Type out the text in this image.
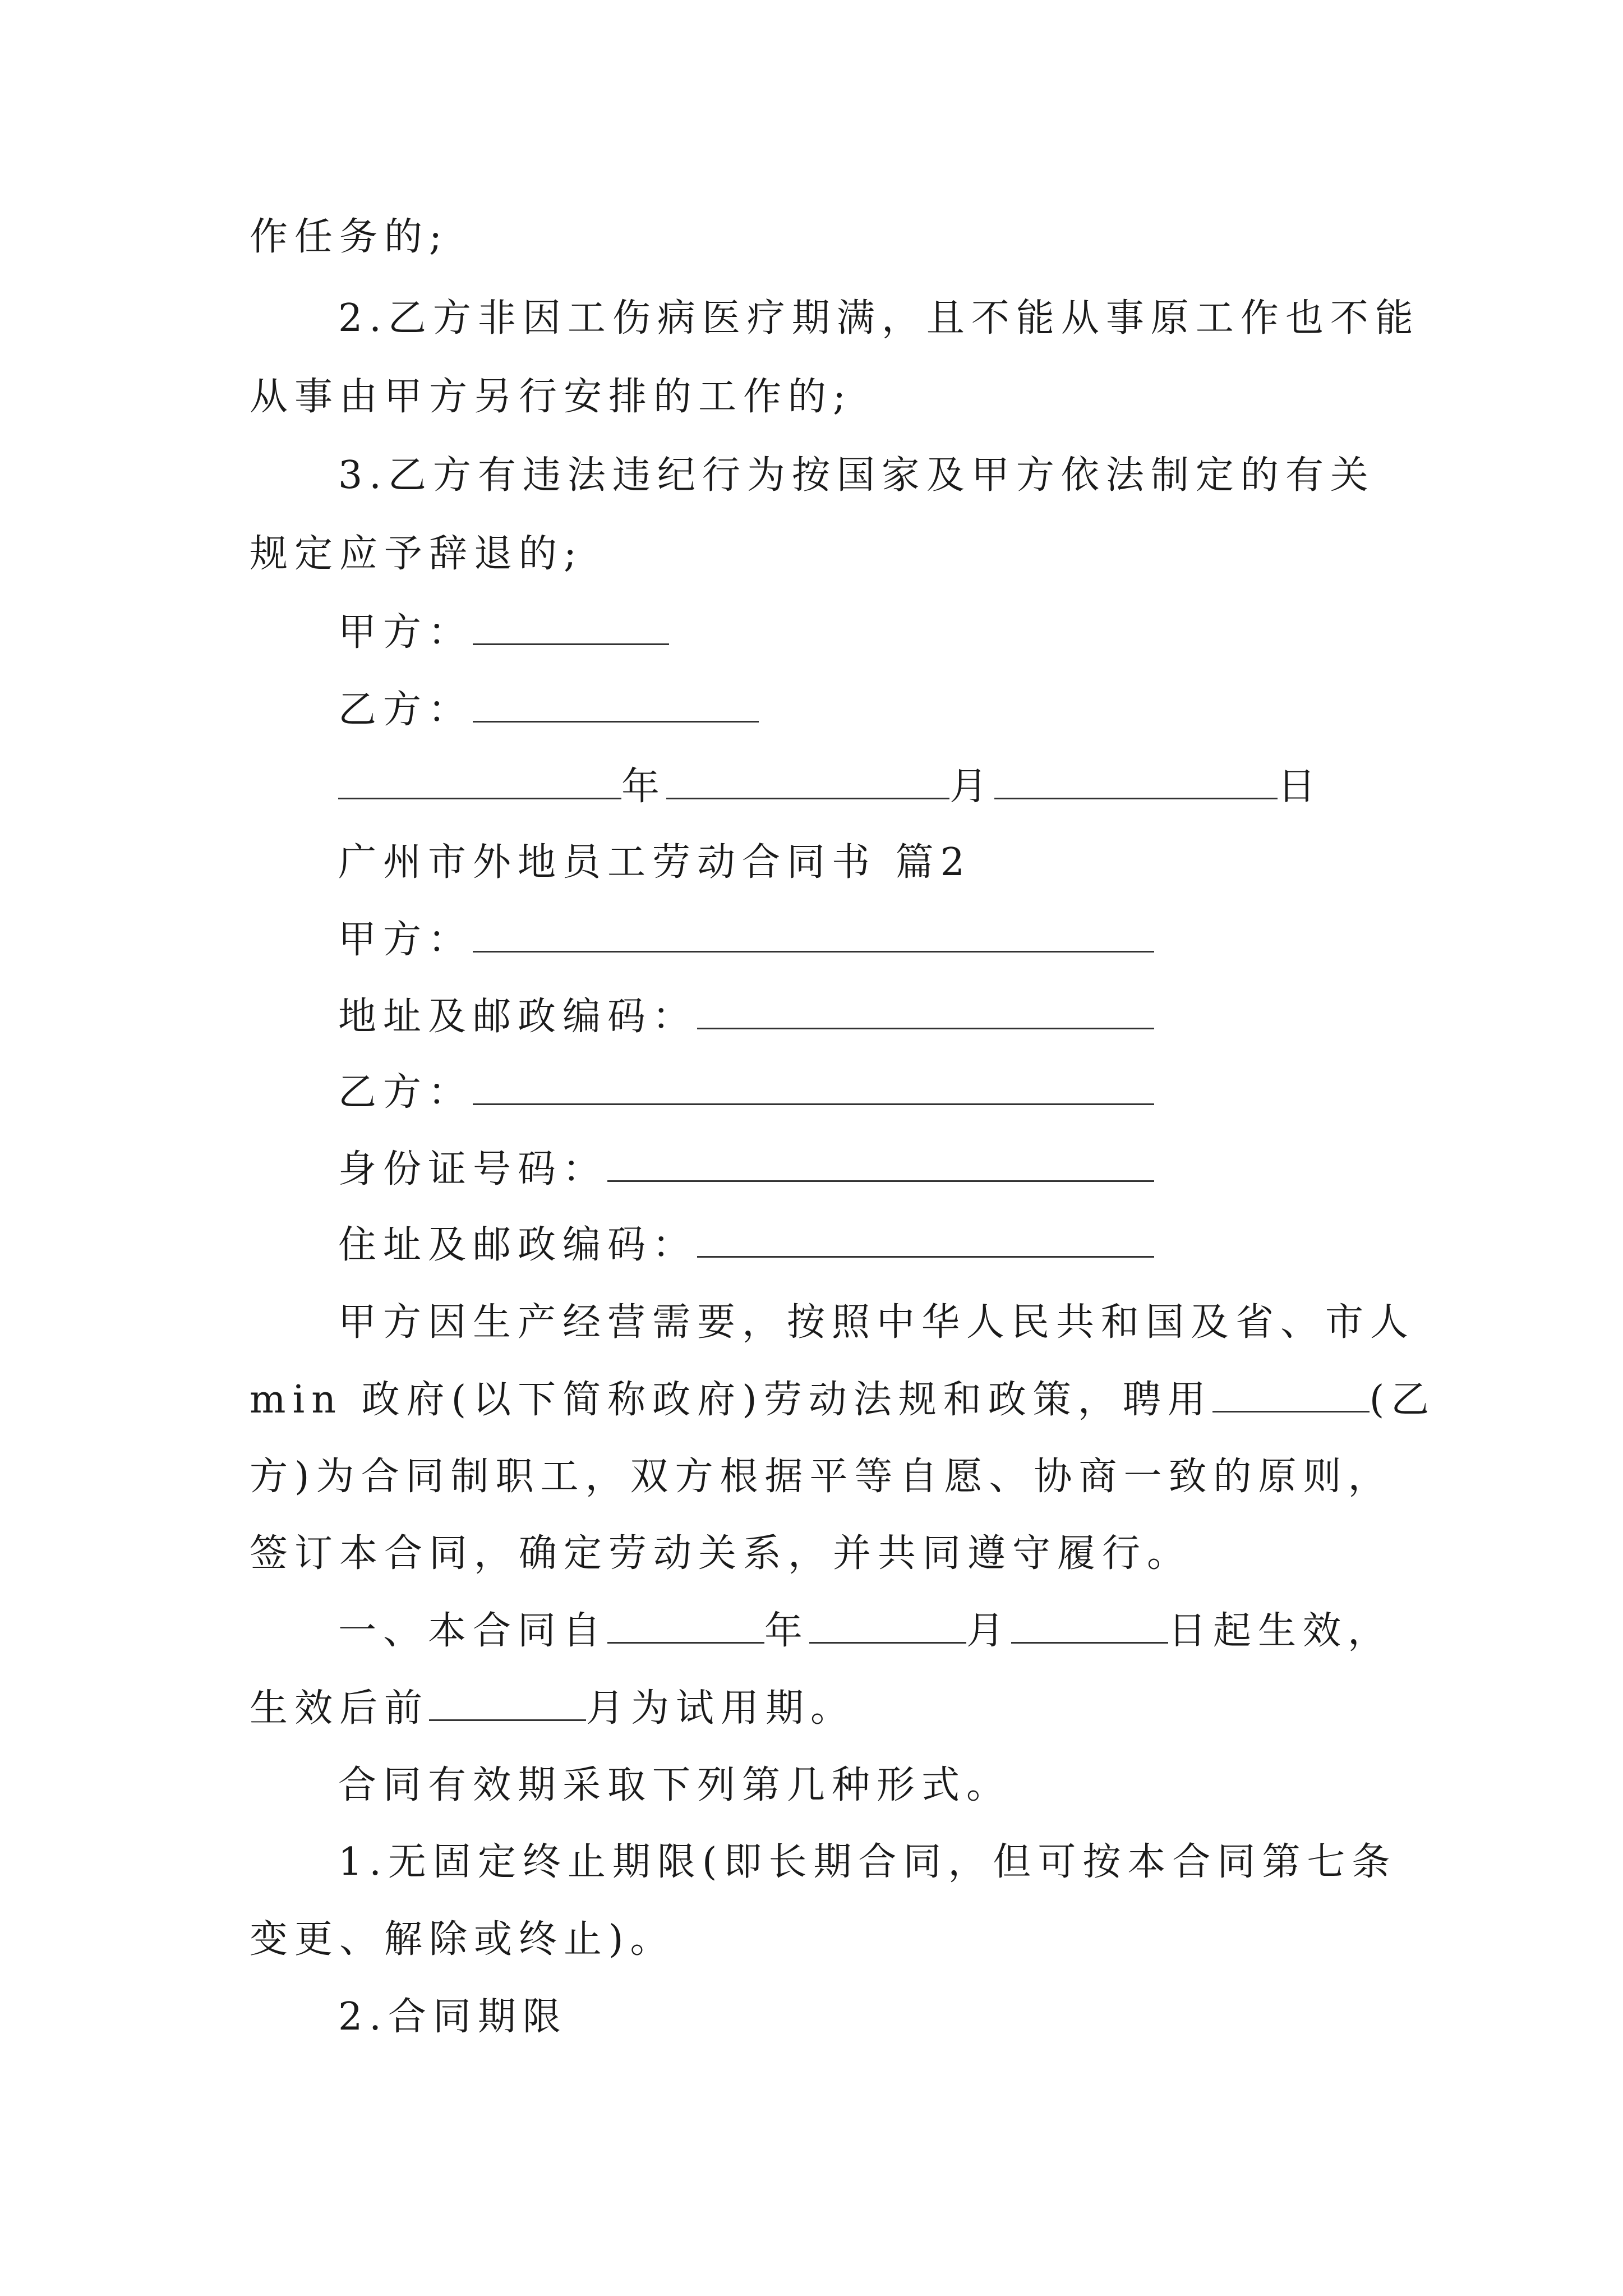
作任务的;
2.乙方非因工伤病医疗期满，且不能从事原工作也不能
从事由甲方另行安排的工作的;
3.乙方有违法违纪行为按国家及甲方依法制定的有关
规定应予辞退的;
甲方：
乙方：
年	月	日
广州市外地员工劳动合同书 篇2
甲方：
地址及邮政编码：
乙方：
身份证号码：
住址及邮政编码：
甲方因生产经营需要，按照中华人民共和国及省、市人
min 政府(以下简称政府)劳动法规和政策，聘用	(乙
方)为合同制职工，双方根据平等自愿、协商一致的原则，
签订本合同，确定劳动关系，并共同遵守履行。
一、本合同自	年	月	日起生效，
生效后前	月为试用期。
合同有效期采取下列第几种形式。
1.无固定终止期限(即长期合同，但可按本合同第七条
变更、解除或终止)。
2.合同期限
